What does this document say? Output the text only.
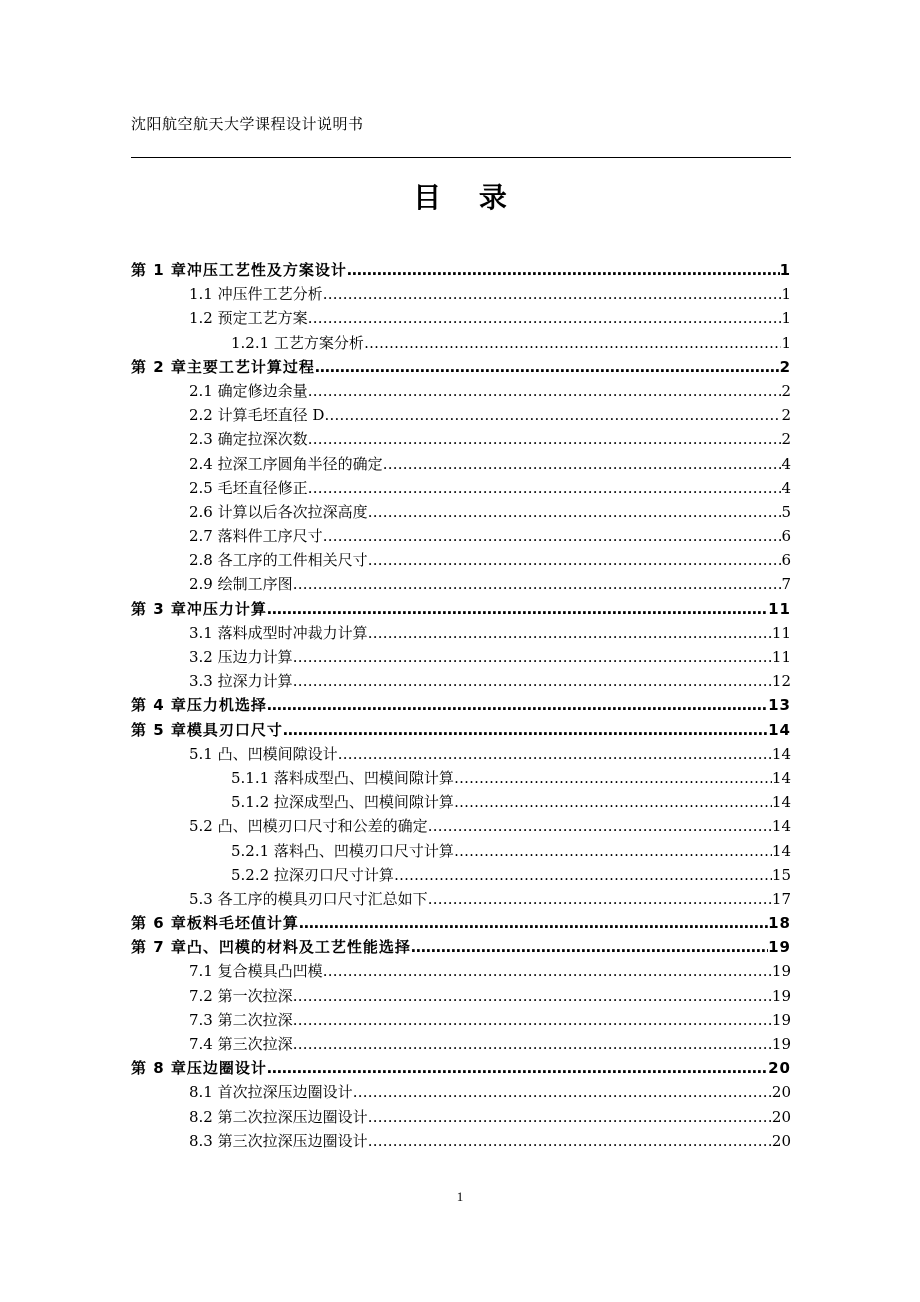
沈阳航空航天大学课程设计说明书
目 录
第 1 章 冲压工艺性及方案设计 …………………………………………………………………………………………………………………………………………………………	1
1.1 冲压件工艺分析 …………………………………………………………………………………………………………………………………………………………	1
1.2 预定工艺方案 …………………………………………………………………………………………………………………………………………………………	1
1.2.1 工艺方案分析 …………………………………………………………………………………………………………………………………………………………	1
第 2 章 主要工艺计算过程 …………………………………………………………………………………………………………………………………………………………	2
2.1 确定修边余量 …………………………………………………………………………………………………………………………………………………………	2
2.2 计算毛坯直径 D …………………………………………………………………………………………………………………………………………………………	2
2.3 确定拉深次数 …………………………………………………………………………………………………………………………………………………………	2
2.4 拉深工序圆角半径的确定 …………………………………………………………………………………………………………………………………………………………	4
2.5 毛坯直径修正 …………………………………………………………………………………………………………………………………………………………	4
2.6 计算以后各次拉深高度 …………………………………………………………………………………………………………………………………………………………	5
2.7 落料件工序尺寸 …………………………………………………………………………………………………………………………………………………………	6
2.8 各工序的工件相关尺寸 …………………………………………………………………………………………………………………………………………………………	6
2.9 绘制工序图 …………………………………………………………………………………………………………………………………………………………	7
第 3 章 冲压力计算 …………………………………………………………………………………………………………………………………………………………	11
3.1 落料成型时冲裁力计算 …………………………………………………………………………………………………………………………………………………………	11
3.2 压边力计算 …………………………………………………………………………………………………………………………………………………………	11
3.3 拉深力计算 …………………………………………………………………………………………………………………………………………………………	12
第 4 章 压力机选择 …………………………………………………………………………………………………………………………………………………………	13
第 5 章 模具刃口尺寸 …………………………………………………………………………………………………………………………………………………………	14
5.1 凸、凹模间隙设计 …………………………………………………………………………………………………………………………………………………………	14
5.1.1 落料成型凸、凹模间隙计算 …………………………………………………………………………………………………………………………………………………………	14
5.1.2 拉深成型凸、凹模间隙计算 …………………………………………………………………………………………………………………………………………………………	14
5.2 凸、凹模刃口尺寸和公差的确定 …………………………………………………………………………………………………………………………………………………………	14
5.2.1 落料凸、凹模刃口尺寸计算 …………………………………………………………………………………………………………………………………………………………	14
5.2.2 拉深刃口尺寸计算 …………………………………………………………………………………………………………………………………………………………	15
5.3 各工序的模具刃口尺寸汇总如下 …………………………………………………………………………………………………………………………………………………………	17
第 6 章 板料毛坯值计算 …………………………………………………………………………………………………………………………………………………………	18
第 7 章 凸、凹模的材料及工艺性能选择 …………………………………………………………………………………………………………………………………………………………	19
7.1 复合模具凸凹模 …………………………………………………………………………………………………………………………………………………………	19
7.2 第一次拉深 …………………………………………………………………………………………………………………………………………………………	19
7.3 第二次拉深 …………………………………………………………………………………………………………………………………………………………	19
7.4 第三次拉深 …………………………………………………………………………………………………………………………………………………………	19
第 8 章 压边圈设计 …………………………………………………………………………………………………………………………………………………………	20
8.1 首次拉深压边圈设计 …………………………………………………………………………………………………………………………………………………………	20
8.2 第二次拉深压边圈设计 …………………………………………………………………………………………………………………………………………………………	20
8.3 第三次拉深压边圈设计 …………………………………………………………………………………………………………………………………………………………	20
1
